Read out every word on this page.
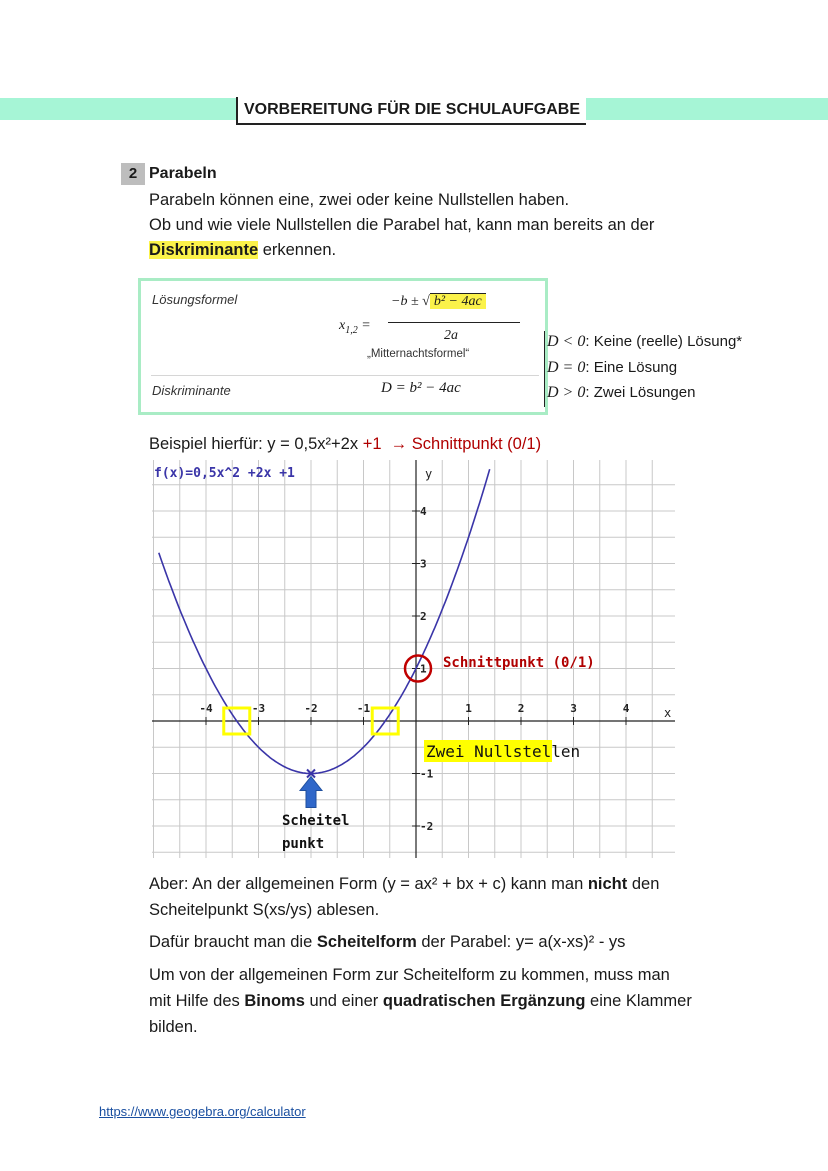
VORBEREITUNG FÜR DIE SCHULAUFGABE
2 Parabeln
Parabeln können eine, zwei oder keine Nullstellen haben.
Ob und wie viele Nullstellen die Parabel hat, kann man bereits an der
Diskriminante erkennen.
Lösungsformel
$x_{1,2}$ =
−b ± √ b² − 4ac
2a
„Mitternachtsformel“
Diskriminante	D = b² − 4ac
D < 0: Keine (reelle) Lösung*
D = 0: Eine Lösung
D > 0: Zwei Lösungen
Beispiel hierfür: y = 0,5x²+2x +1 → Schnittpunkt (0/1)
-4	-3	-2	-1	1	2	3	4
4
3
2
1
-1
-2
f(x)=0,5x^2 +2x +1	y
x
Schnittpunkt (0/1)
Zwei Nullstellen
Scheitel
punkt
Aber: An der allgemeinen Form (y = ax² + bx + c) kann man nicht den
Scheitelpunkt S(xs/ys) ablesen.
Dafür braucht man die Scheitelform der Parabel: y= a(x-xs)² - ys
Um von der allgemeinen Form zur Scheitelform zu kommen, muss man
mit Hilfe des Binoms und einer quadratischen Ergänzung eine Klammer
bilden.
https://www.geogebra.org/calculator
